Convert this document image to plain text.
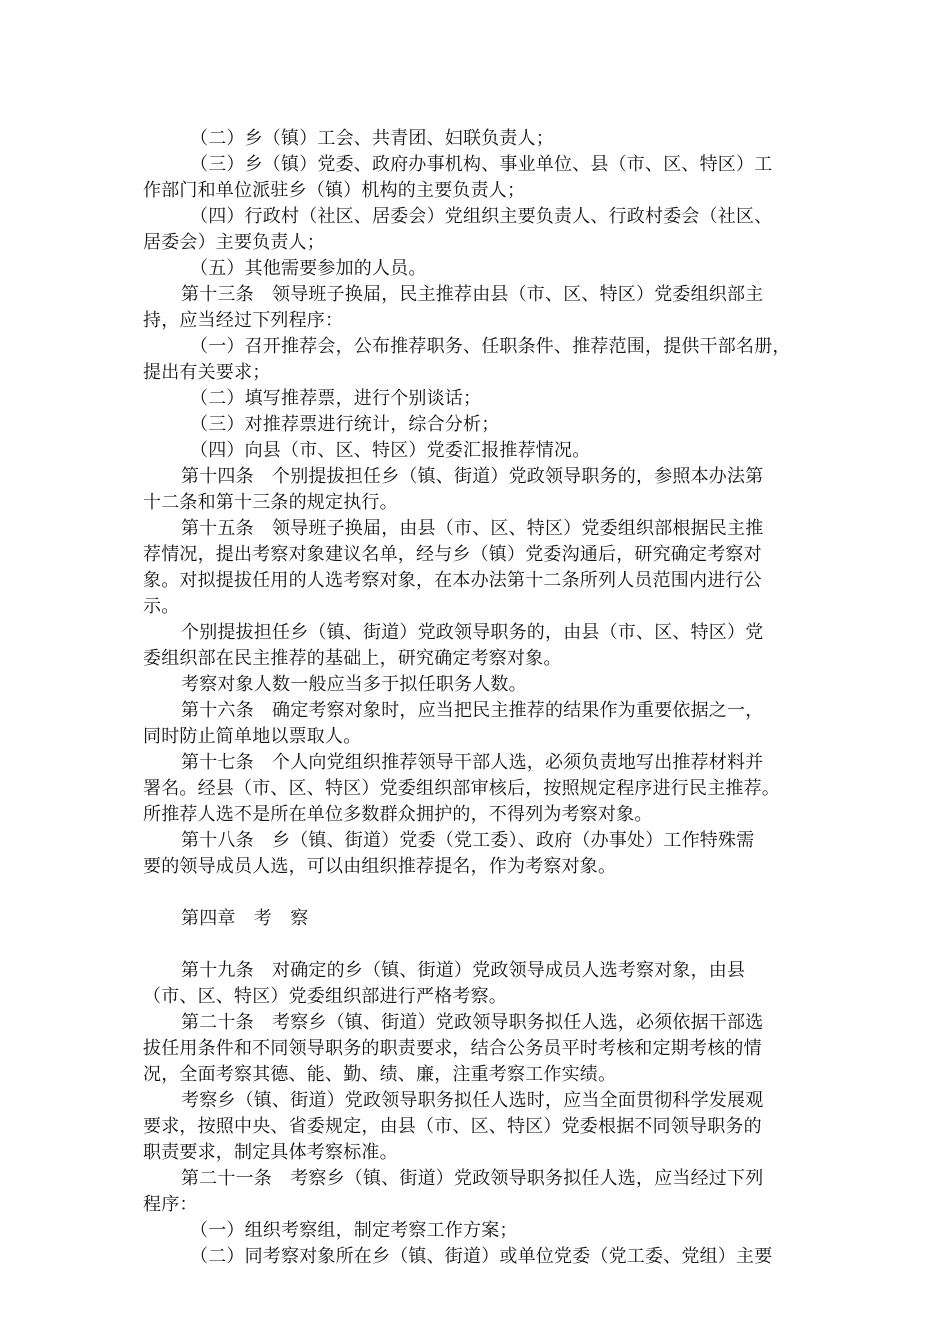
（二）乡（镇）工会、共青团、妇联负责人；
（三）乡（镇）党委、政府办事机构、事业单位、县（市、区、特区）工
作部门和单位派驻乡（镇）机构的主要负责人；
（四）行政村（社区、居委会）党组织主要负责人、行政村委会（社区、
居委会）主要负责人；
（五）其他需要参加的人员。
第十三条　领导班子换届，民主推荐由县（市、区、特区）党委组织部主
持，应当经过下列程序：
（一）召开推荐会，公布推荐职务、任职条件、推荐范围，提供干部名册，
提出有关要求；
（二）填写推荐票，进行个别谈话；
（三）对推荐票进行统计，综合分析；
（四）向县（市、区、特区）党委汇报推荐情况。
第十四条　个别提拔担任乡（镇、街道）党政领导职务的，参照本办法第
十二条和第十三条的规定执行。
第十五条　领导班子换届，由县（市、区、特区）党委组织部根据民主推
荐情况，提出考察对象建议名单，经与乡（镇）党委沟通后，研究确定考察对
象。对拟提拔任用的人选考察对象，在本办法第十二条所列人员范围内进行公
示。
个别提拔担任乡（镇、街道）党政领导职务的，由县（市、区、特区）党
委组织部在民主推荐的基础上，研究确定考察对象。
考察对象人数一般应当多于拟任职务人数。
第十六条　确定考察对象时，应当把民主推荐的结果作为重要依据之一，
同时防止简单地以票取人。
第十七条　个人向党组织推荐领导干部人选，必须负责地写出推荐材料并
署名。经县（市、区、特区）党委组织部审核后，按照规定程序进行民主推荐。
所推荐人选不是所在单位多数群众拥护的，不得列为考察对象。
第十八条　乡（镇、街道）党委（党工委）、政府（办事处）工作特殊需
要的领导成员人选，可以由组织推荐提名，作为考察对象。
第四章　考　察
第十九条　对确定的乡（镇、街道）党政领导成员人选考察对象，由县
（市、区、特区）党委组织部进行严格考察。
第二十条　考察乡（镇、街道）党政领导职务拟任人选，必须依据干部选
拔任用条件和不同领导职务的职责要求，结合公务员平时考核和定期考核的情
况，全面考察其德、能、勤、绩、廉，注重考察工作实绩。
考察乡（镇、街道）党政领导职务拟任人选时，应当全面贯彻科学发展观
要求，按照中央、省委规定，由县（市、区、特区）党委根据不同领导职务的
职责要求，制定具体考察标准。
第二十一条　考察乡（镇、街道）党政领导职务拟任人选，应当经过下列
程序：
（一）组织考察组，制定考察工作方案；
（二）同考察对象所在乡（镇、街道）或单位党委（党工委、党组）主要
